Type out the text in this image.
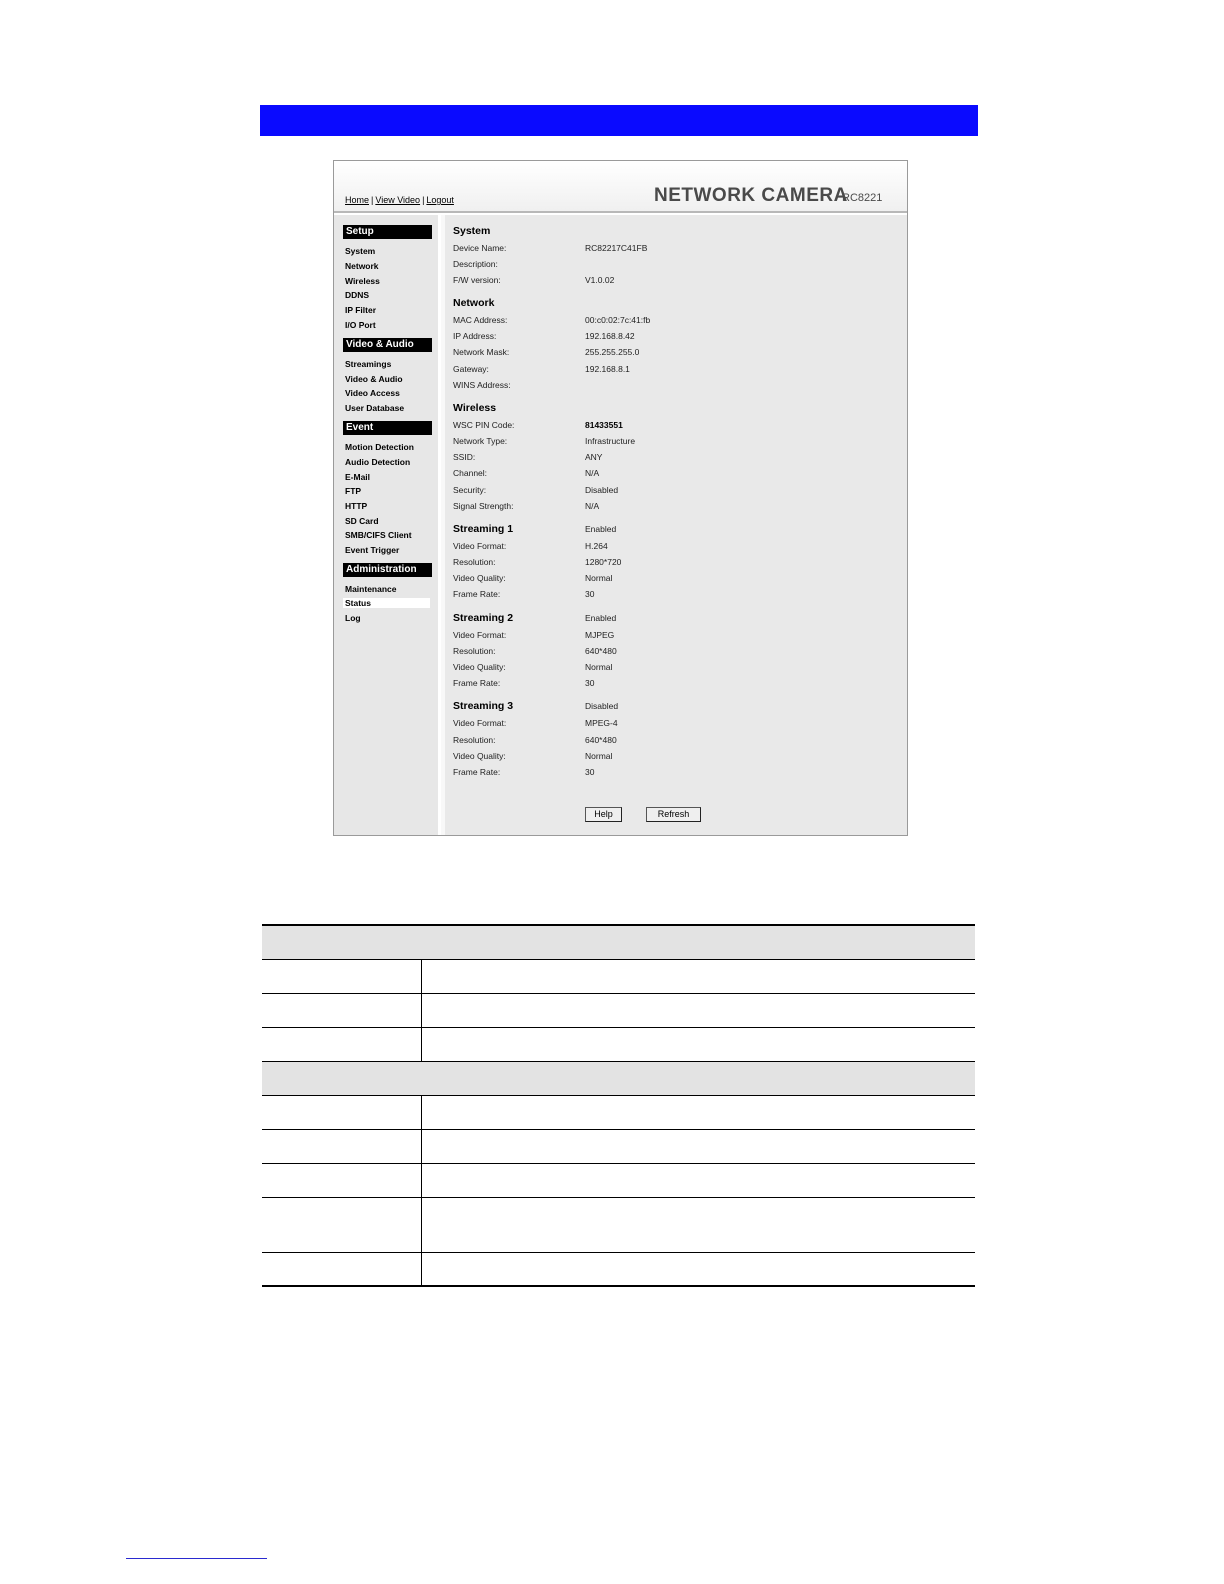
Home | View Video | Logout	NETWORK CAMERA
RC8221
Setup
System
Network
Wireless
DDNS
IP Filter
I/O Port
Video & Audio
Streamings
Video & Audio
Video Access
User Database
Event
Motion Detection
Audio Detection
E-Mail
FTP
HTTP
SD Card
SMB/CIFS Client
Event Trigger
Administration
Maintenance
Status
Log
System
Device Name:	RC82217C41FB
Description:
F/W version:	V1.0.02
Network
MAC Address:	00:c0:02:7c:41:fb
IP Address:	192.168.8.42
Network Mask:	255.255.255.0
Gateway:	192.168.8.1
WINS Address:
Wireless
WSC PIN Code:	81433551
Network Type:	Infrastructure
SSID:	ANY
Channel:	N/A
Security:	Disabled
Signal Strength:	N/A
Streaming 1	Enabled
Video Format:	H.264
Resolution:	1280*720
Video Quality:	Normal
Frame Rate:	30
Streaming 2	Enabled
Video Format:	MJPEG
Resolution:	640*480
Video Quality:	Normal
Frame Rate:	30
Streaming 3	Disabled
Video Format:	MPEG-4
Resolution:	640*480
Video Quality:	Normal
Frame Rate:	30
Help	Refresh
